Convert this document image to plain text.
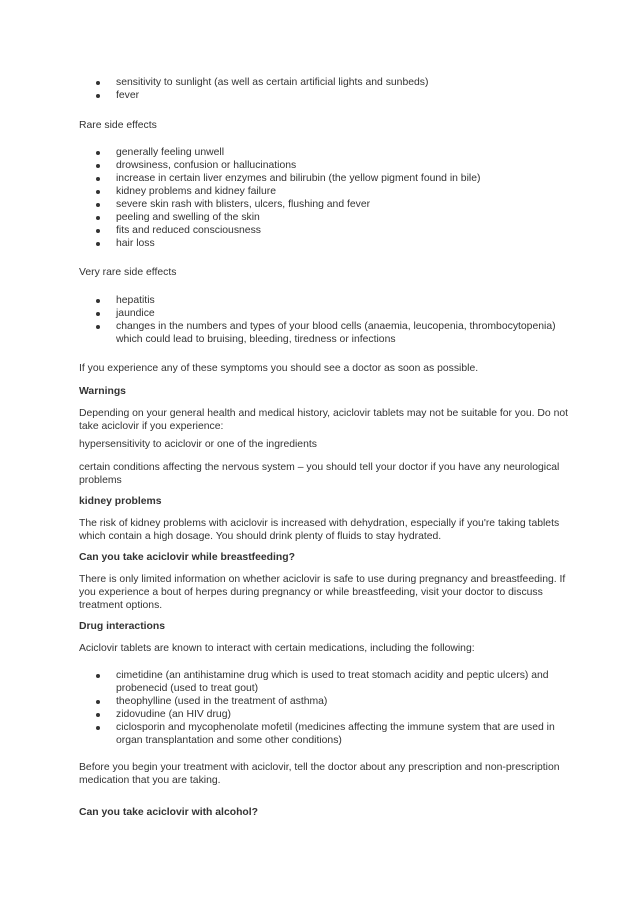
sensitivity to sunlight (as well as certain artificial lights and sunbeds)
fever

Rare side effects

generally feeling unwell
drowsiness, confusion or hallucinations
increase in certain liver enzymes and bilirubin (the yellow pigment found in bile)
kidney problems and kidney failure
severe skin rash with blisters, ulcers, flushing and fever
peeling and swelling of the skin
fits and reduced consciousness
hair loss

Very rare side effects

hepatitis
jaundice
changes in the numbers and types of your blood cells (anaemia, leucopenia, thrombocytopenia) which could lead to bruising, bleeding, tiredness or infections

If you experience any of these symptoms you should see a doctor as soon as possible.

Warnings

Depending on your general health and medical history, aciclovir tablets may not be suitable for you. Do not take aciclovir if you experience:

hypersensitivity to aciclovir or one of the ingredients

certain conditions affecting the nervous system – you should tell your doctor if you have any neurological problems

kidney problems

The risk of kidney problems with aciclovir is increased with dehydration, especially if you're taking tablets which contain a high dosage. You should drink plenty of fluids to stay hydrated.

Can you take aciclovir while breastfeeding?

There is only limited information on whether aciclovir is safe to use during pregnancy and breastfeeding. If you experience a bout of herpes during pregnancy or while breastfeeding, visit your doctor to discuss treatment options.

Drug interactions

Aciclovir tablets are known to interact with certain medications, including the following:

cimetidine (an antihistamine drug which is used to treat stomach acidity and peptic ulcers) and probenecid (used to treat gout)
theophylline (used in the treatment of asthma)
zidovudine (an HIV drug)
ciclosporin and mycophenolate mofetil (medicines affecting the immune system that are used in organ transplantation and some other conditions)

Before you begin your treatment with aciclovir, tell the doctor about any prescription and non-prescription medication that you are taking.

Can you take aciclovir with alcohol?
